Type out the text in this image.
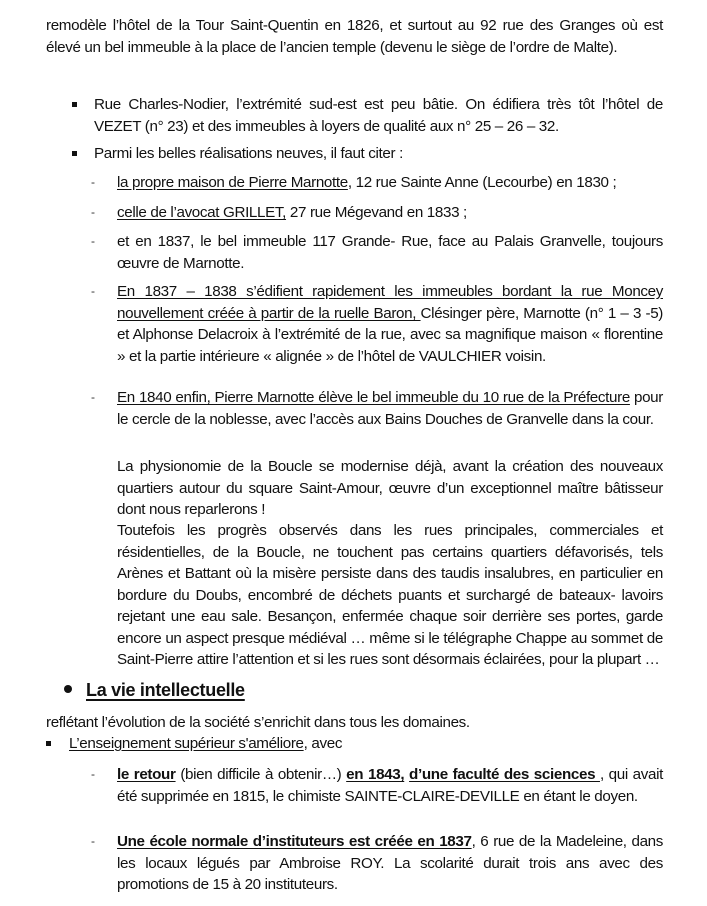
remodèle l’hôtel de la Tour Saint-Quentin en 1826, et surtout au 92 rue des Granges où est élevé un bel immeuble à la place de l’ancien temple (devenu le siège de l’ordre de Malte).

Rue Charles-Nodier, l’extrémité sud-est est peu bâtie. On édifiera très tôt l’hôtel de VEZET (n° 23) et des immeubles à loyers de qualité aux n° 25 – 26 – 32.

Parmi les belles réalisations neuves, il faut citer :

- la propre maison de Pierre Marnotte, 12 rue Sainte Anne (Lecourbe) en 1830 ;

- celle de l’avocat GRILLET, 27 rue Mégevand en 1833 ;

- et en 1837, le bel immeuble 117 Grande- Rue, face au Palais Granvelle, toujours œuvre de Marnotte.

- En 1837 – 1838 s’édifient rapidement les immeubles bordant la rue Moncey nouvellement créée à partir de la ruelle Baron, Clésinger père, Marnotte (n° 1 – 3 -5) et Alphonse Delacroix à l’extrémité de la rue, avec sa magnifique maison « florentine » et la partie intérieure « alignée » de l’hôtel de VAULCHIER voisin.

- En 1840 enfin, Pierre Marnotte élève le bel immeuble du 10 rue de la Préfecture pour le cercle de la noblesse, avec l’accès aux Bains Douches de Granvelle dans la cour.

La physionomie de la Boucle se modernise déjà, avant la création des nouveaux quartiers autour du square Saint-Amour, œuvre d’un exceptionnel maître bâtisseur dont nous reparlerons !

Toutefois les progrès observés dans les rues principales, commerciales et résidentielles, de la Boucle, ne touchent pas certains quartiers défavorisés, tels Arènes et Battant où la misère persiste dans des taudis insalubres, en particulier en bordure du Doubs, encombré de déchets puants et surchargé de bateaux- lavoirs rejetant une eau sale. Besançon, enfermée chaque soir derrière ses portes, garde encore un aspect presque médiéval … même si le télégraphe Chappe au sommet de Saint-Pierre attire l’attention et si les rues sont désormais éclairées, pour la plupart …

La vie intellectuelle

reflétant l’évolution de la société s’enrichit dans tous les domaines.

L’enseignement supérieur s'améliore, avec

- le retour (bien difficile à obtenir…) en 1843, d’une faculté des sciences , qui avait été supprimée en 1815, le chimiste SAINTE-CLAIRE-DEVILLE en étant le doyen.

- Une école normale d’instituteurs est créée en 1837, 6 rue de la Madeleine, dans les locaux légués par Ambroise ROY. La scolarité durait trois ans avec des promotions de 15 à 20 instituteurs.
